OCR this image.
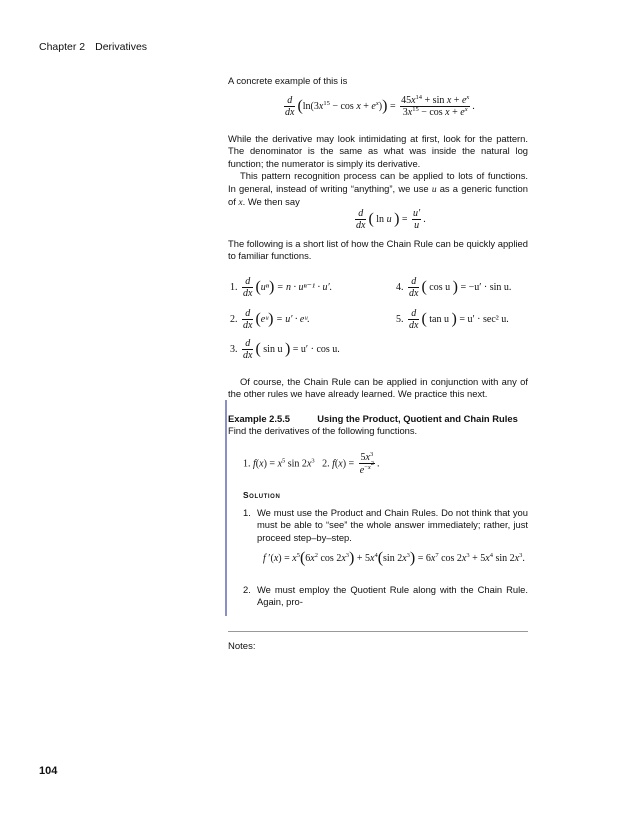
Chapter 2 Derivatives

A concrete example of this is

$\frac{d}{dx} (\ln(3x^{15} - \cos x + e^x)) = \frac{45x^{14} + \sin x + e^x}{3x^{15} - \cos x + e^x}$ .

While the derivative may look intimidating at first, look for the pattern. The denominator is the same as what was inside the natural log function; the numerator is simply its derivative.

This pattern recognition process can be applied to lots of functions. In general, instead of writing “anything”, we use u as a generic function of x. We then say

$\frac{d}{dx}$ ( ln u ) = $\frac{u'}{u}$ .

The following is a short list of how the Chain Rule can be quickly applied to familiar functions.

1. $\frac{d}{dx} (u^n) = n \cdot u^{n-1} \cdot u'$.
2. $\frac{d}{dx}$ (eᵘ) = u′ · eᵘ.
3. $\frac{d}{dx}$ ( sin u ) = u′ · cos u.
4. $\frac{d}{dx}$ ( cos u ) = −u′ · sin u.
5. $\frac{d}{dx}$ ( tan u ) = u′ · sec² u.

Of course, the Chain Rule can be applied in conjunction with any of the other rules we have already learned. We practice this next.

Example 2.5.5	Using the Product, Quotient and Chain Rules

Find the derivatives of the following functions.

1. $f(x) = x^5$ $\sin 2x^3$   2. $f(x) = \frac{5x^3}{e^{-x^2}}$ .
Solution
1. We must use the Product and Chain Rules. Do not think that you must be able to “see” the whole answer immediately; rather, just proceed step–by–step.

f $'(x) = x^5(6x^2$ $\cos 2x^3) + 5x^4(\sin$ $2x^3) = 6x^7$ $\cos 2x^3 + 5x^4$ $\sin 2x^3$.
2. We must employ the Quotient Rule along with the Chain Rule. Again, pro-

Notes:
104
